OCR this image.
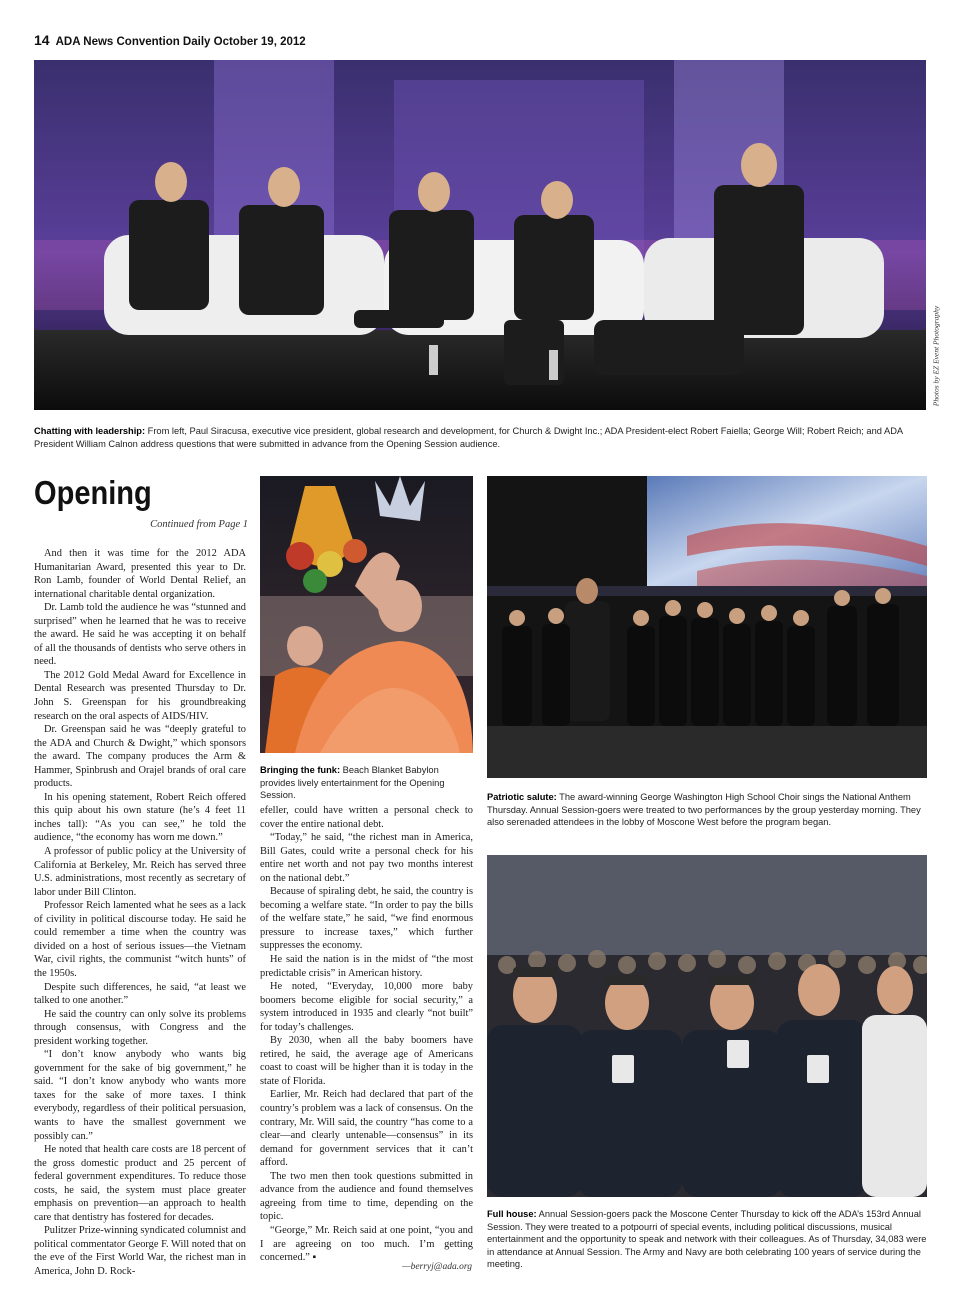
14 ADA News Convention Daily October 19, 2012
Photos by EZ Event Photography
Chatting with leadership: From left, Paul Siracusa, executive vice president, global research and development, for Church & Dwight Inc.; ADA President-elect Robert Faiella; George Will; Robert Reich; and ADA President William Calnon address questions that were submitted in advance from the Opening Session audience.
Opening
Continued from Page 1

And then it was time for the 2012 ADA Humanitarian Award, presented this year to Dr. Ron Lamb, founder of World Dental Relief, an international charitable dental organization.

Dr. Lamb told the audience he was “stunned and surprised” when he learned that he was to receive the award. He said he was accepting it on behalf of all the thousands of dentists who serve others in need.

The 2012 Gold Medal Award for Excellence in Dental Research was presented Thursday to Dr. John S. Greenspan for his groundbreaking research on the oral aspects of AIDS/HIV.

Dr. Greenspan said he was “deeply grateful to the ADA and Church & Dwight,” which sponsors the award. The company produces the Arm & Hammer, Spinbrush and Orajel brands of oral care products.

In his opening statement, Robert Reich offered this quip about his own stature (he’s 4 feet 11 inches tall): “As you can see,” he told the audience, “the economy has worn me down.”

A professor of public policy at the University of California at Berkeley, Mr. Reich has served three U.S. administrations, most recently as secretary of labor under Bill Clinton.

Professor Reich lamented what he sees as a lack of civility in political discourse today. He said he could remember a time when the country was divided on a host of serious issues—the Vietnam War, civil rights, the communist “witch hunts” of the 1950s.

Despite such differences, he said, “at least we talked to one another.”

He said the country can only solve its problems through consensus, with Congress and the president working together.

“I don’t know anybody who wants big government for the sake of big government,” he said. “I don’t know anybody who wants more taxes for the sake of more taxes. I think everybody, regardless of their political persuasion, wants to have the smallest government we possibly can.”

He noted that health care costs are 18 percent of the gross domestic product and 25 percent of federal government expenditures. To reduce those costs, he said, the system must place greater emphasis on prevention—an approach to health care that dentistry has fostered for decades.

Pulitzer Prize-winning syndicated columnist and political commentator George F. Will noted that on the eve of the First World War, the richest man in America, John D. Rock-

Bringing the funk: Beach Blanket Babylon provides lively entertainment for the Opening Session.

efeller, could have written a personal check to cover the entire national debt.

“Today,” he said, “the richest man in America, Bill Gates, could write a personal check for his entire net worth and not pay two months interest on the national debt.”

Because of spiraling debt, he said, the country is becoming a welfare state. “In order to pay the bills of the welfare state,” he said, “we find enormous pressure to increase taxes,” which further suppresses the economy.

He said the nation is in the midst of “the most predictable crisis” in American history.

He noted, “Everyday, 10,000 more baby boomers become eligible for social security,” a system introduced in 1935 and clearly “not built” for today’s challenges.

By 2030, when all the baby boomers have retired, he said, the average age of Americans coast to coast will be higher than it is today in the state of Florida.

Earlier, Mr. Reich had declared that part of the country’s problem was a lack of consensus. On the contrary, Mr. Will said, the country “has come to a clear—and clearly untenable—consensus” in its demand for government services that it can’t afford.

The two men then took questions submitted in advance from the audience and found themselves agreeing from time to time, depending on the topic.

“George,” Mr. Reich said at one point, “you and I are agreeing on too much. I’m getting concerned.” ▪

—berryj@ada.org
Patriotic salute: The award-winning George Washington High School Choir sings the National Anthem Thursday. Annual Session-goers were treated to two performances by the group yesterday morning. They also serenaded attendees in the lobby of Moscone West before the program began.
Full house: Annual Session-goers pack the Moscone Center Thursday to kick off the ADA’s 153rd Annual Session. They were treated to a potpourri of special events, including political discussions, musical entertainment and the opportunity to speak and network with their colleagues. As of Thursday, 34,083 were in attendance at Annual Session. The Army and Navy are both celebrating 100 years of service during the meeting.
